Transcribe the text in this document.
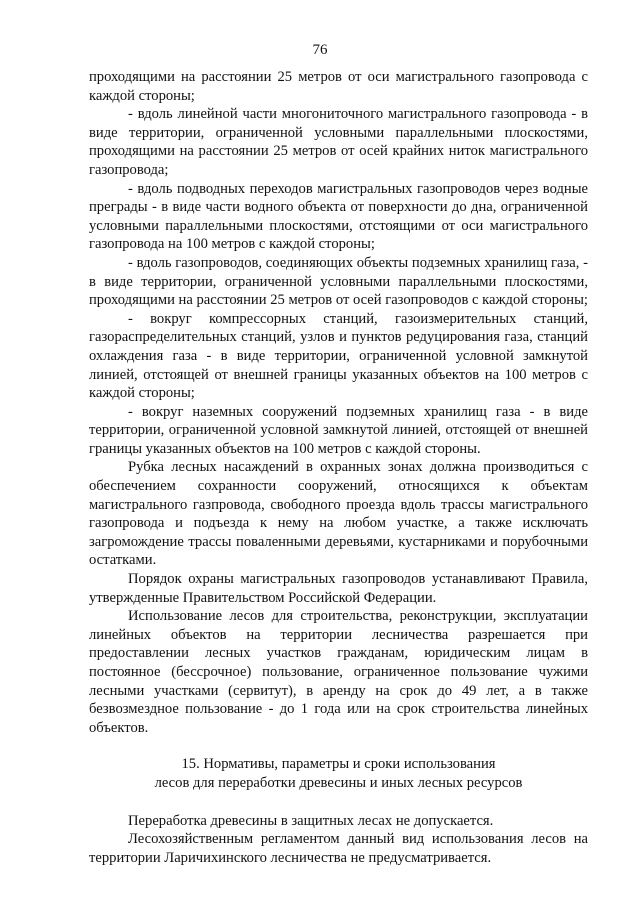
76

проходящими на расстоянии 25 метров от оси магистрального газопровода с каждой стороны;

- вдоль линейной части многониточного магистрального газопровода - в виде территории, ограниченной условными параллельными плоскостями, проходящими на расстоянии 25 метров от осей крайних ниток магистрального газопровода;

- вдоль подводных переходов магистральных газопроводов через водные преграды - в виде части водного объекта от поверхности до дна, ограниченной условными параллельными плоскостями, отстоящими от оси магистрального газопровода на 100 метров с каждой стороны;

- вдоль газопроводов, соединяющих объекты подземных хранилищ газа, - в виде территории, ограниченной условными параллельными плоскостями, проходящими на расстоянии 25 метров от осей газопроводов с каждой стороны;

- вокруг компрессорных станций, газоизмерительных станций, газораспределительных станций, узлов и пунктов редуцирования газа, станций охлаждения газа - в виде территории, ограниченной условной замкнутой линией, отстоящей от внешней границы указанных объектов на 100 метров с каждой стороны;

- вокруг наземных сооружений подземных хранилищ газа - в виде территории, ограниченной условной замкнутой линией, отстоящей от внешней границы указанных объектов на 100 метров с каждой стороны.

Рубка лесных насаждений в охранных зонах должна производиться с обеспечением сохранности сооружений, относящихся к объектам магистрального газпровода, свободного проезда вдоль трассы магистрального газопровода и подъезда к нему на любом участке, а также исключать загромождение трассы поваленными деревьями, кустарниками и порубочными остатками.

Порядок охраны магистральных газопроводов устанавливают Правила, утвержденные Правительством Российской Федерации.

Использование лесов для строительства, реконструкции, эксплуатации линейных объектов на территории лесничества разрешается при предоставлении лесных участков гражданам, юридическим лицам в постоянное (бессрочное) пользование, ограниченное пользование чужими лесными участками (сервитут), в аренду на срок до 49 лет, а в также безвозмездное пользование - до 1 года или на срок строительства линейных объектов.

15. Нормативы, параметры и сроки использования
лесов для переработки древесины и иных лесных ресурсов

Переработка древесины в защитных лесах не допускается.

Лесохозяйственным регламентом данный вид использования лесов на территории Ларичихинского лесничества не предусматривается.
